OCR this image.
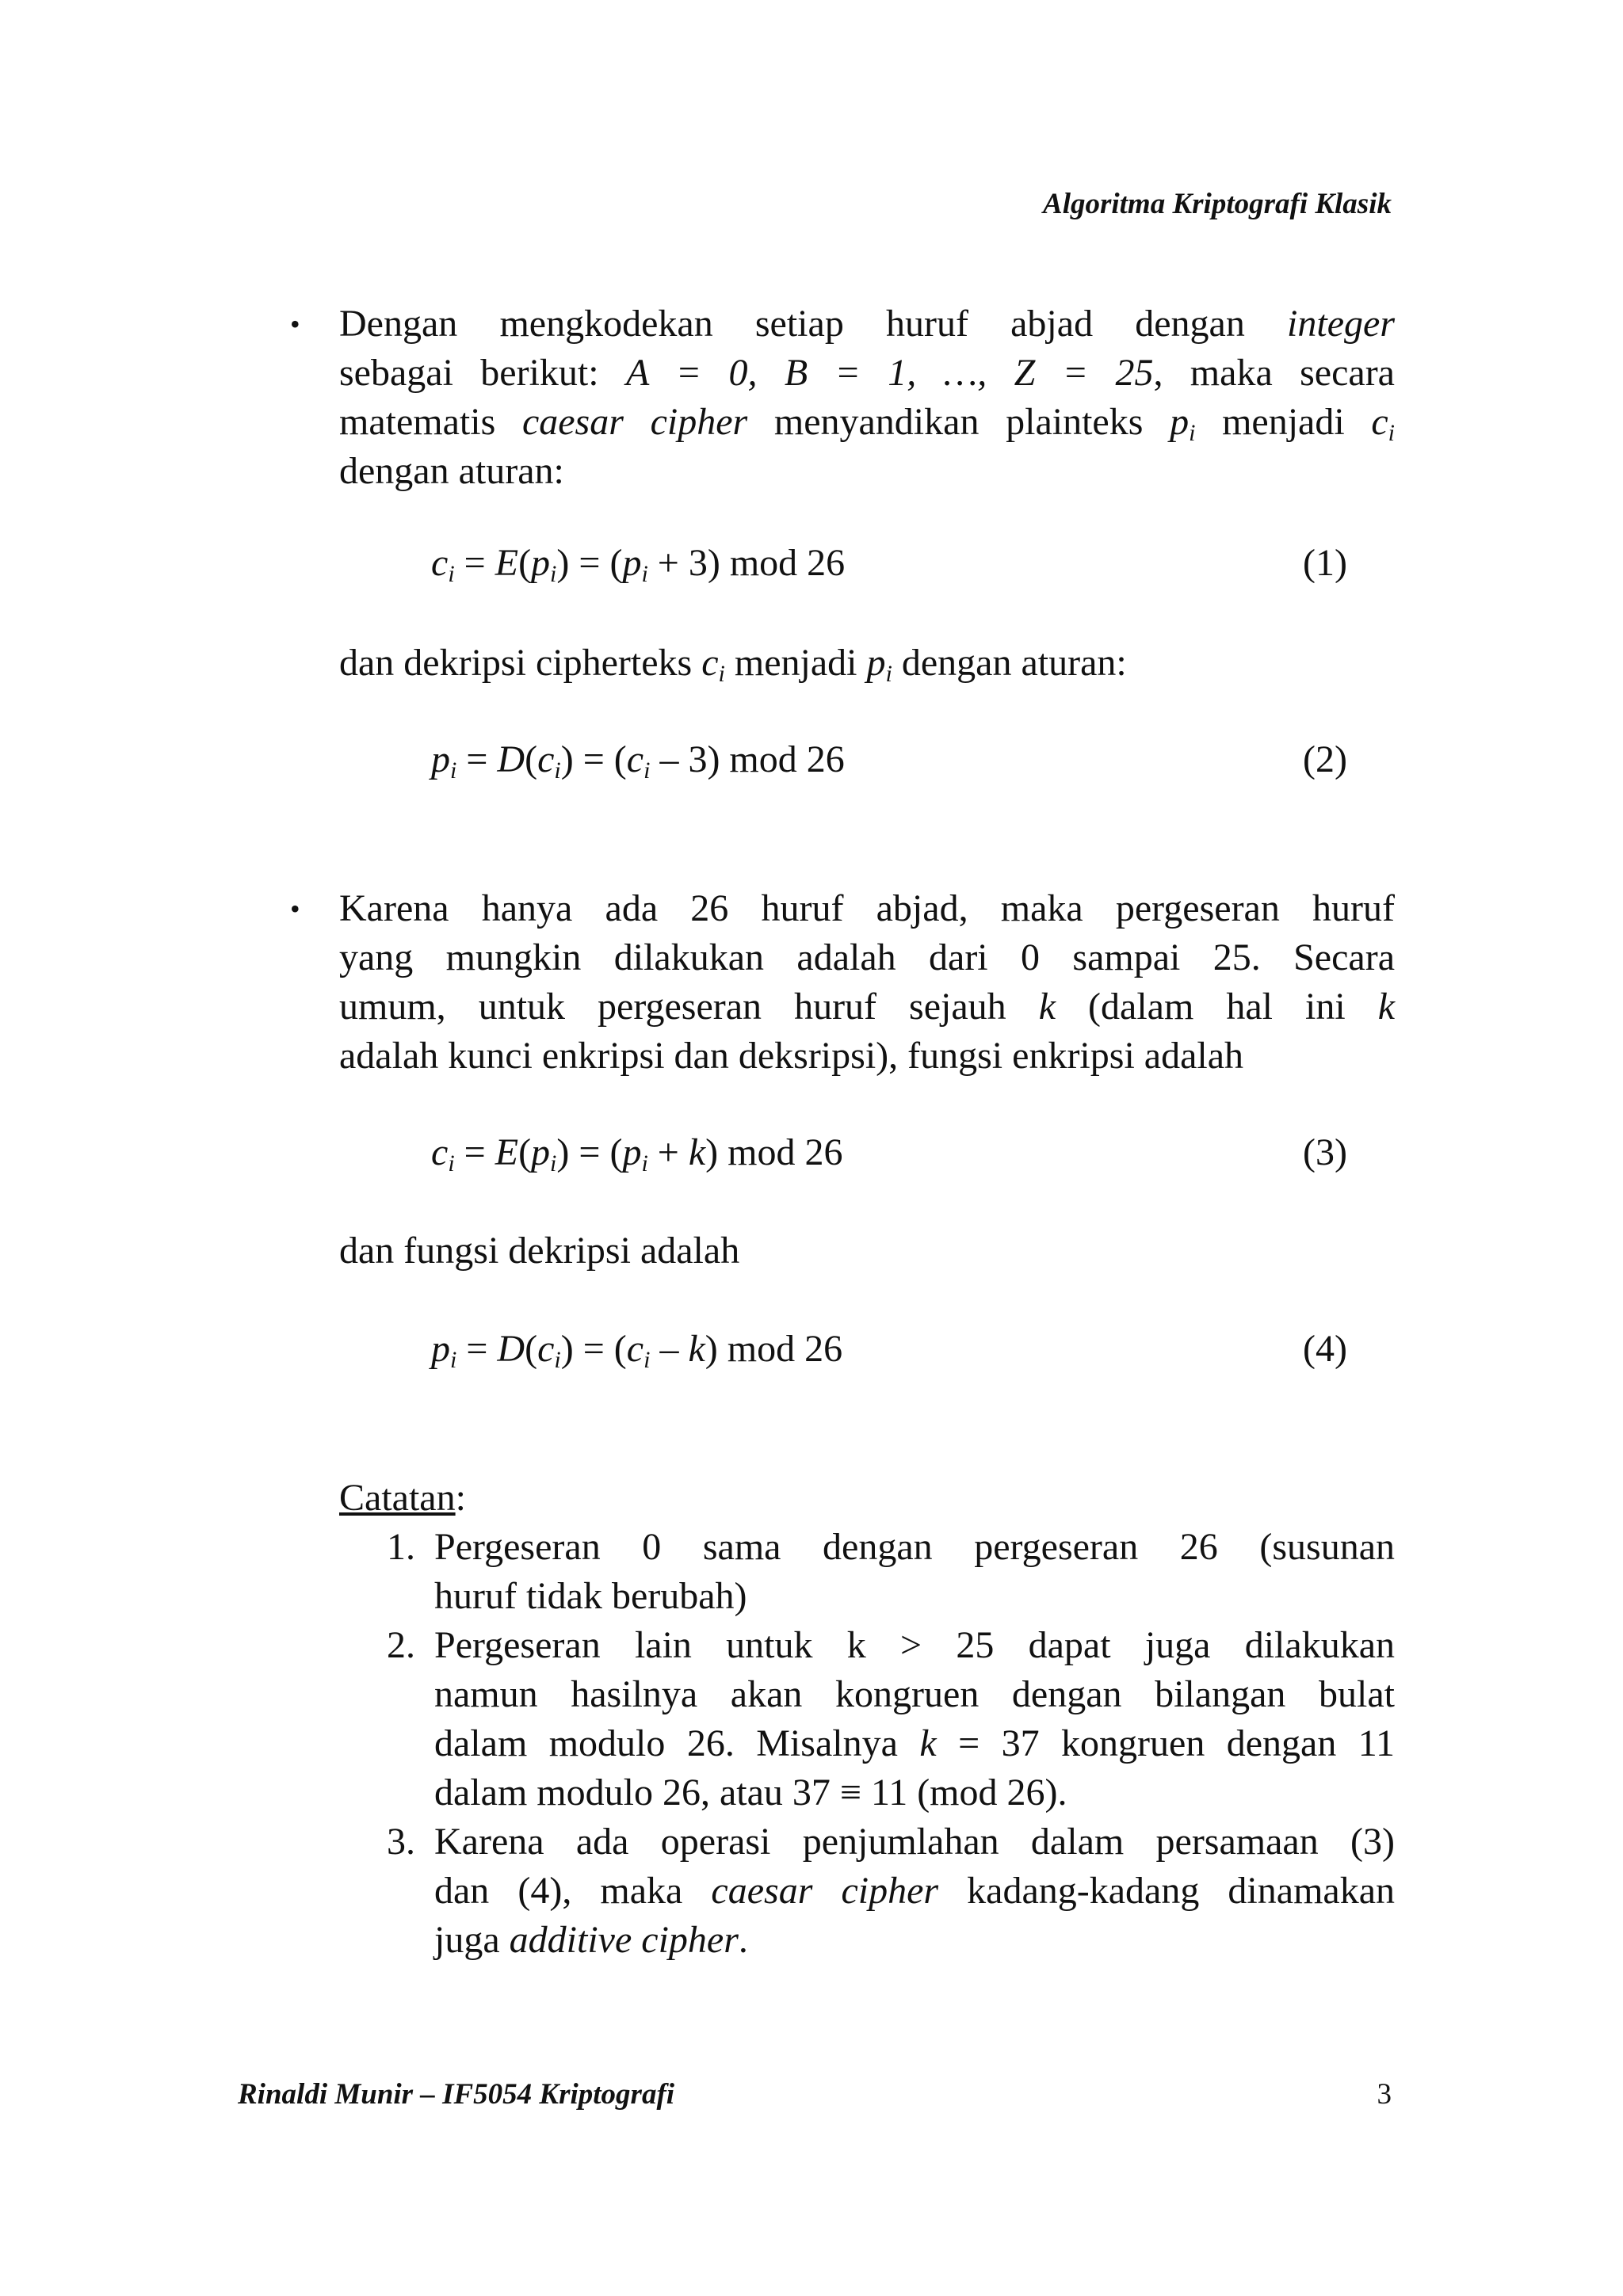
Algoritma Kriptografi Klasik
• Dengan mengkodekan setiap huruf abjad dengan integer
sebagai berikut: A = 0, B = 1, …, Z = 25, maka secara
matematis caesar cipher menyandikan plainteks $p_i$ menjadi $c_i$
dengan aturan:
$c_i = E(p_i) = (p_i + 3)$ mod 26	(1)
dan dekripsi cipherteks $c_i$ menjadi $p_i$ dengan aturan:
$p_i = D(c_i) = (c_i - 3)$ mod 26	(2)
• Karena hanya ada 26 huruf abjad, maka pergeseran huruf
yang mungkin dilakukan adalah dari 0 sampai 25. Secara
umum, untuk pergeseran huruf sejauh k (dalam hal ini k
adalah kunci enkripsi dan deksripsi), fungsi enkripsi adalah
$c_i = E(p_i) = (p_i + k)$ mod 26	(3)
dan fungsi dekripsi adalah
$p_i = D(c_i) = (c_i - k)$ mod 26	(4)
Catatan:
1. Pergeseran 0 sama dengan pergeseran 26 (susunan
huruf tidak berubah)
2. Pergeseran lain untuk k > 25 dapat juga dilakukan
namun hasilnya akan kongruen dengan bilangan bulat
dalam modulo 26. Misalnya k = 37 kongruen dengan 11
dalam modulo 26, atau 37 ≡ 11 (mod 26).
3. Karena ada operasi penjumlahan dalam persamaan (3)
dan (4), maka caesar cipher kadang-kadang dinamakan
juga additive cipher.
Rinaldi Munir – IF5054 Kriptografi	3
